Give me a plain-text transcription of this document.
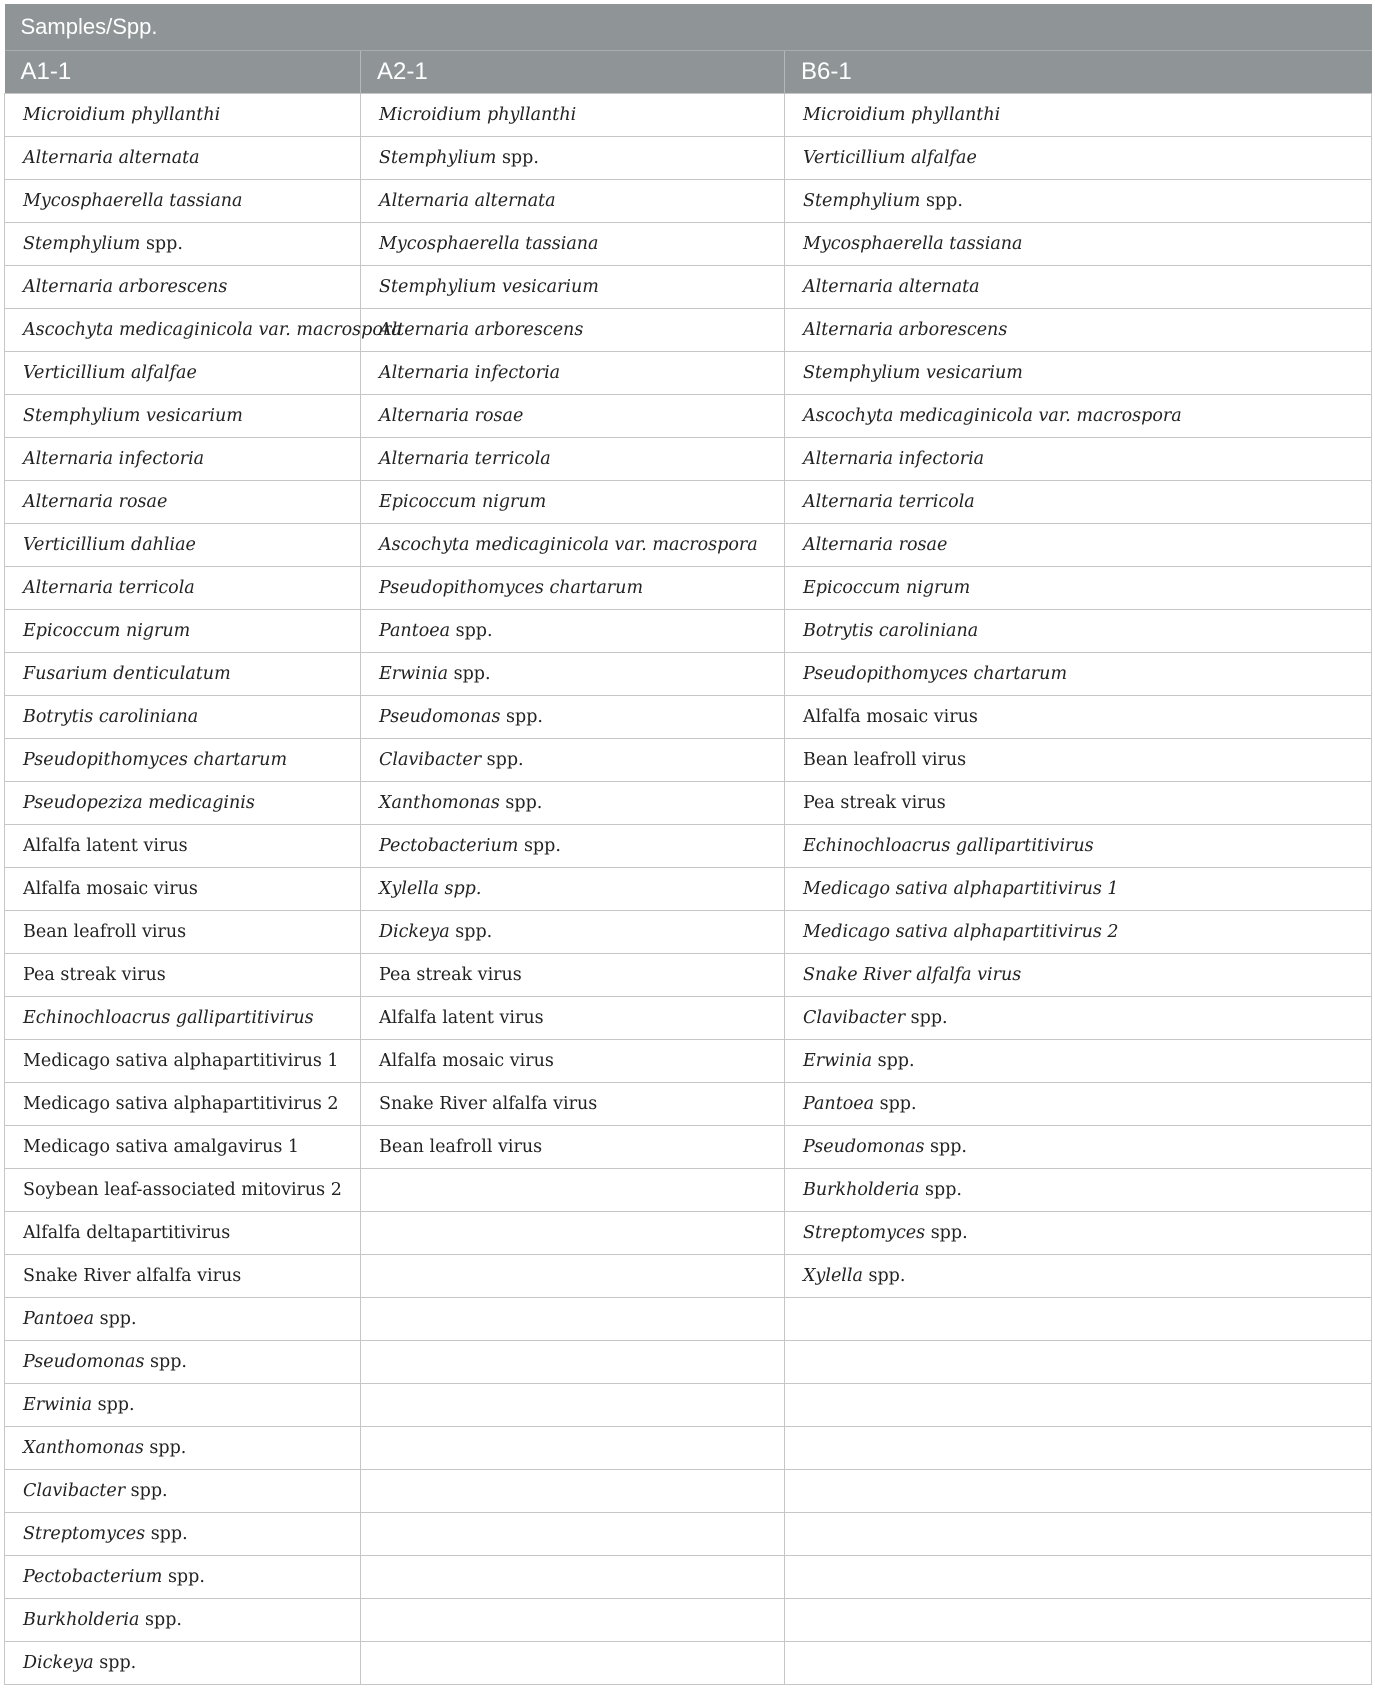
Samples/Spp.		
A1-1	A2-1	B6-1
Microidium phyllanthi	Microidium phyllanthi	Microidium phyllanthi
Alternaria alternata	Stemphylium spp.	Verticillium alfalfae
Mycosphaerella tassiana	Alternaria alternata	Stemphylium spp.
Stemphylium spp.	Mycosphaerella tassiana	Mycosphaerella tassiana
Alternaria arborescens	Stemphylium vesicarium	Alternaria alternata
Ascochyta medicaginicola var. macrospora	Alternaria arborescens	Alternaria arborescens
Verticillium alfalfae	Alternaria infectoria	Stemphylium vesicarium
Stemphylium vesicarium	Alternaria rosae	Ascochyta medicaginicola var. macrospora
Alternaria infectoria	Alternaria terricola	Alternaria infectoria
Alternaria rosae	Epicoccum nigrum	Alternaria terricola
Verticillium dahliae	Ascochyta medicaginicola var. macrospora	Alternaria rosae
Alternaria terricola	Pseudopithomyces chartarum	Epicoccum nigrum
Epicoccum nigrum	Pantoea spp.	Botrytis caroliniana
Fusarium denticulatum	Erwinia spp.	Pseudopithomyces chartarum
Botrytis caroliniana	Pseudomonas spp.	Alfalfa mosaic virus
Pseudopithomyces chartarum	Clavibacter spp.	Bean leafroll virus
Pseudopeziza medicaginis	Xanthomonas spp.	Pea streak virus
Alfalfa latent virus	Pectobacterium spp.	Echinochloacrus gallipartitivirus
Alfalfa mosaic virus	Xylella spp.	Medicago sativa alphapartitivirus 1
Bean leafroll virus	Dickeya spp.	Medicago sativa alphapartitivirus 2
Pea streak virus	Pea streak virus	Snake River alfalfa virus
Echinochloacrus gallipartitivirus	Alfalfa latent virus	Clavibacter spp.
Medicago sativa alphapartitivirus 1	Alfalfa mosaic virus	Erwinia spp.
Medicago sativa alphapartitivirus 2	Snake River alfalfa virus	Pantoea spp.
Medicago sativa amalgavirus 1	Bean leafroll virus	Pseudomonas spp.
Soybean leaf-associated mitovirus 2		Burkholderia spp.
Alfalfa deltapartitivirus		Streptomyces spp.
Snake River alfalfa virus		Xylella spp.
Pantoea spp.		
Pseudomonas spp.		
Erwinia spp.		
Xanthomonas spp.		
Clavibacter spp.		
Streptomyces spp.		
Pectobacterium spp.		
Burkholderia spp.		
Dickeya spp.		
